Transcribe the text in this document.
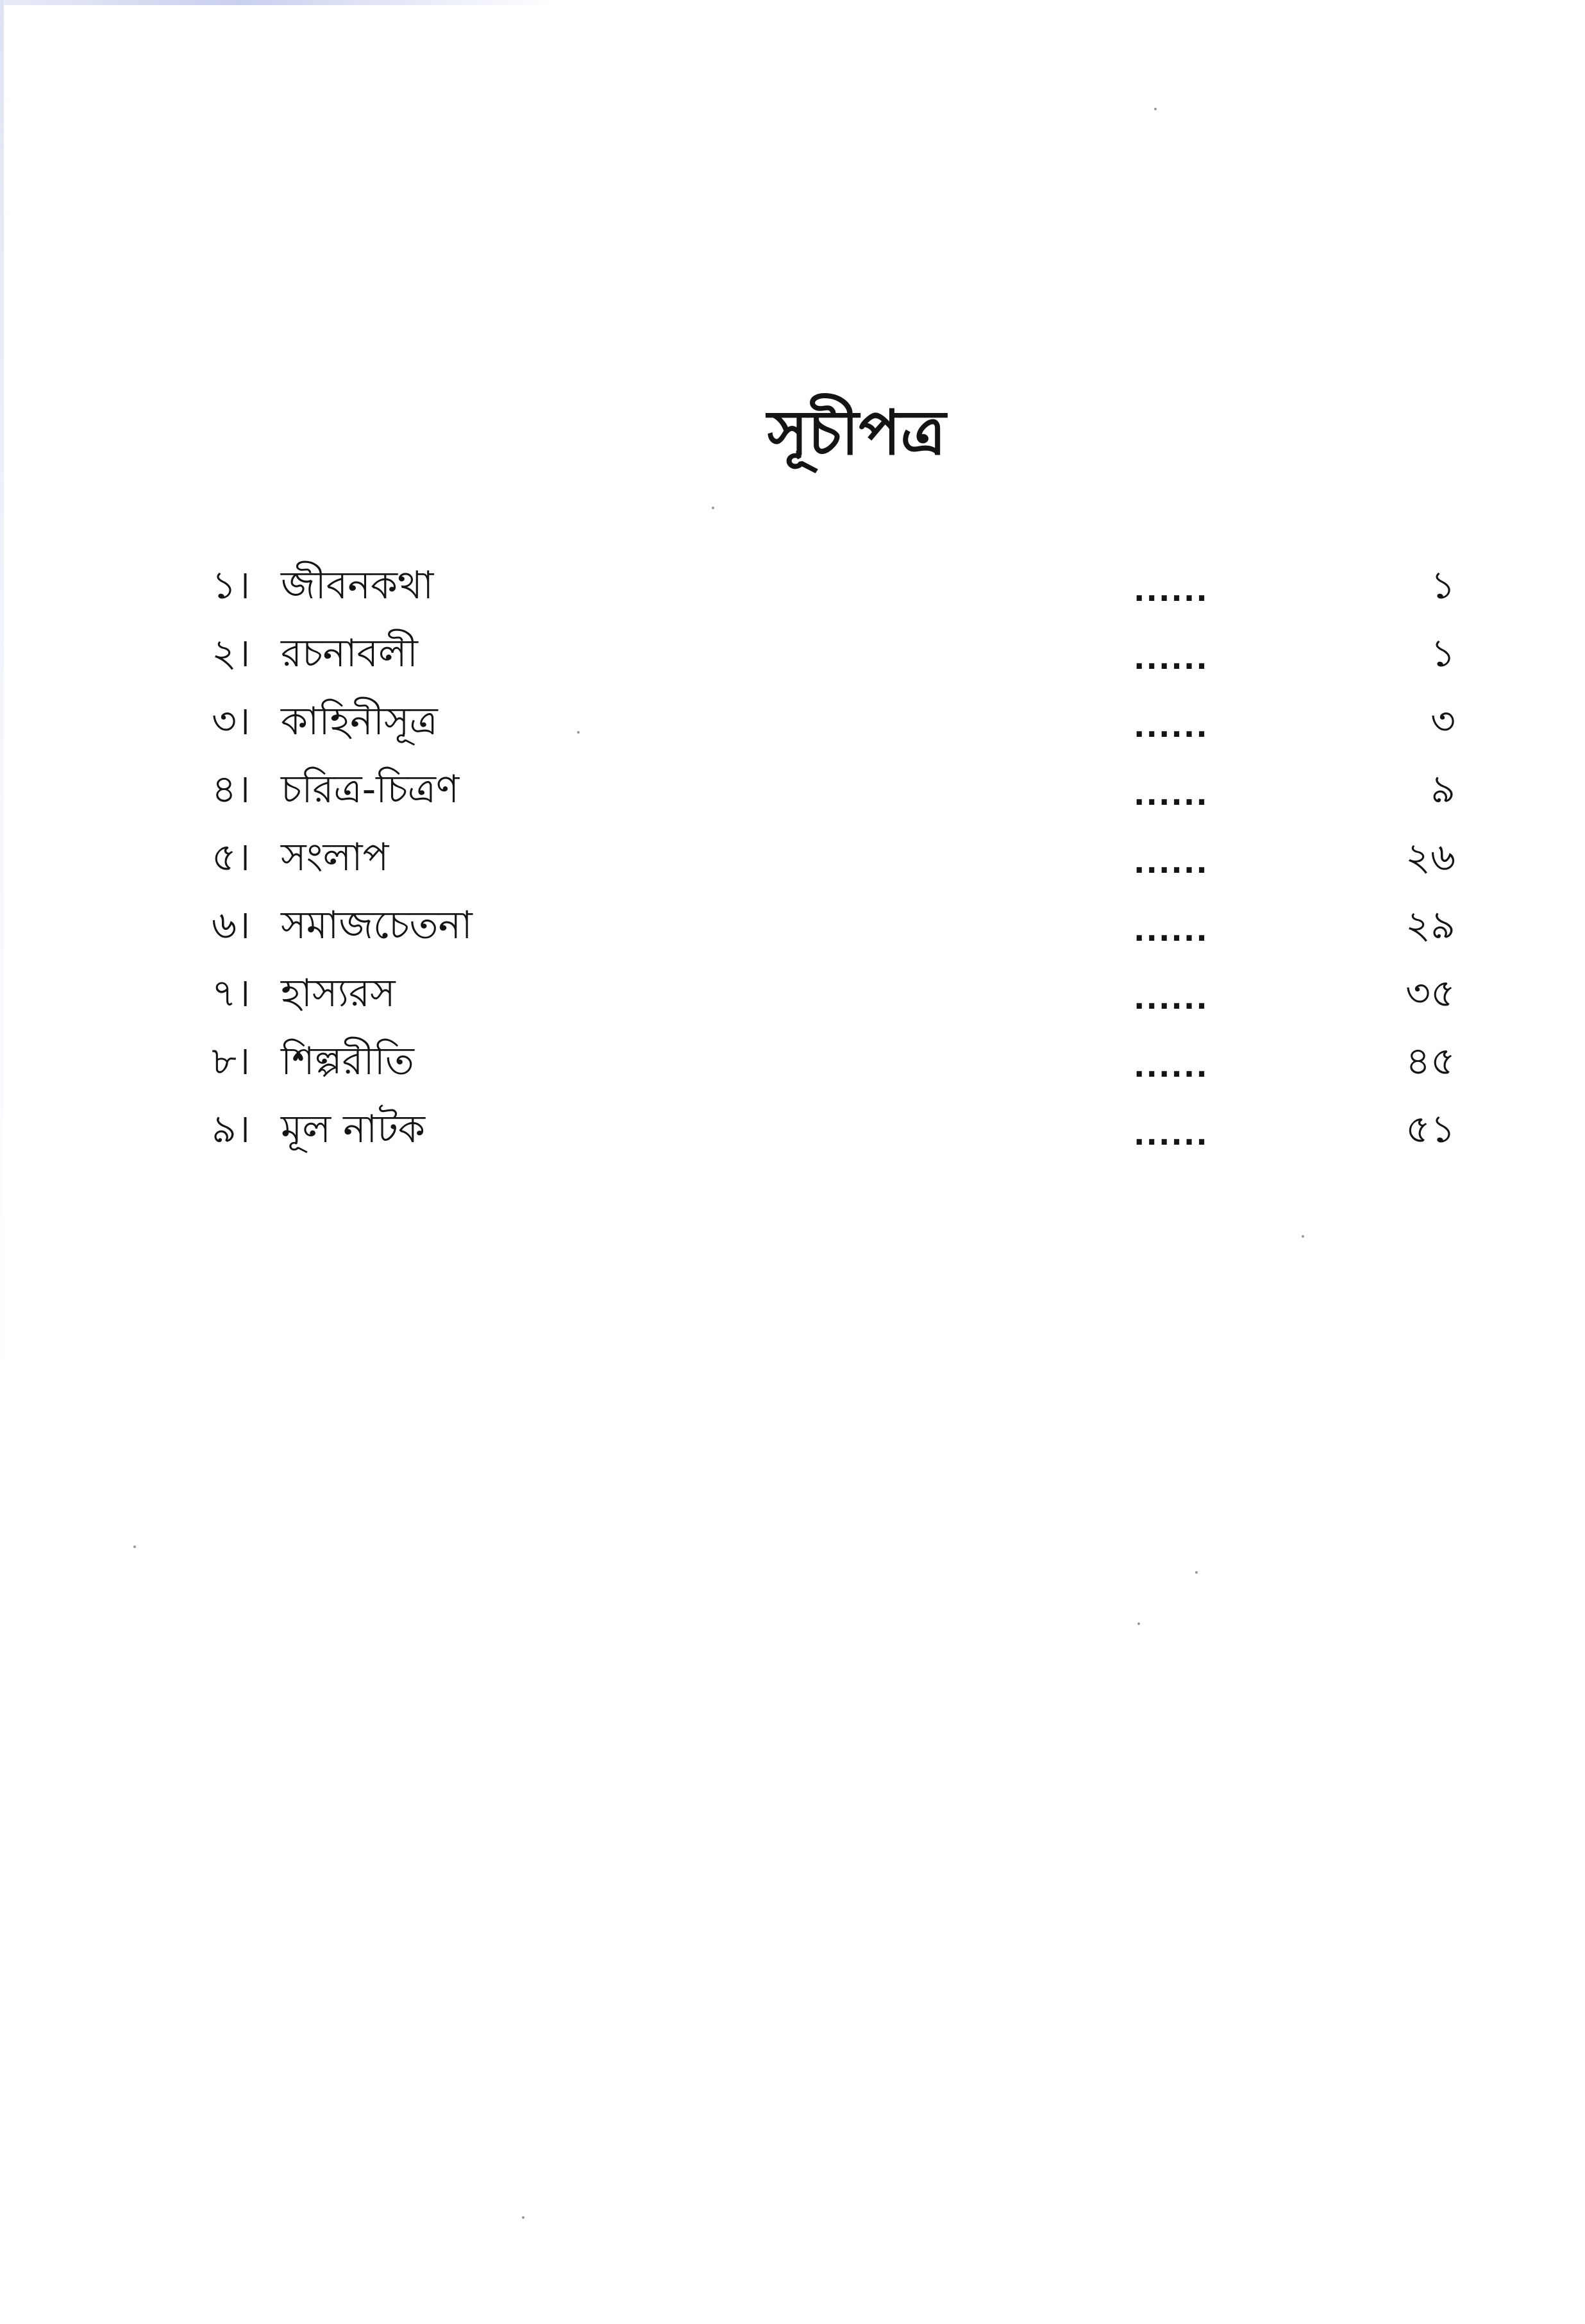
সূচীপত্র
১। জীবনকথা	......	১
২। রচনাবলী	......	১
৩। কাহিনীসূত্র	......	৩
৪। চরিত্র-চিত্রণ	......	৯
৫। সংলাপ	......	২৬
৬। সমাজচেতনা	......	২৯
৭। হাস্যরস	......	৩৫
৮। শিল্পরীতি	......	৪৫
৯। মূল নাটক	......	৫১
